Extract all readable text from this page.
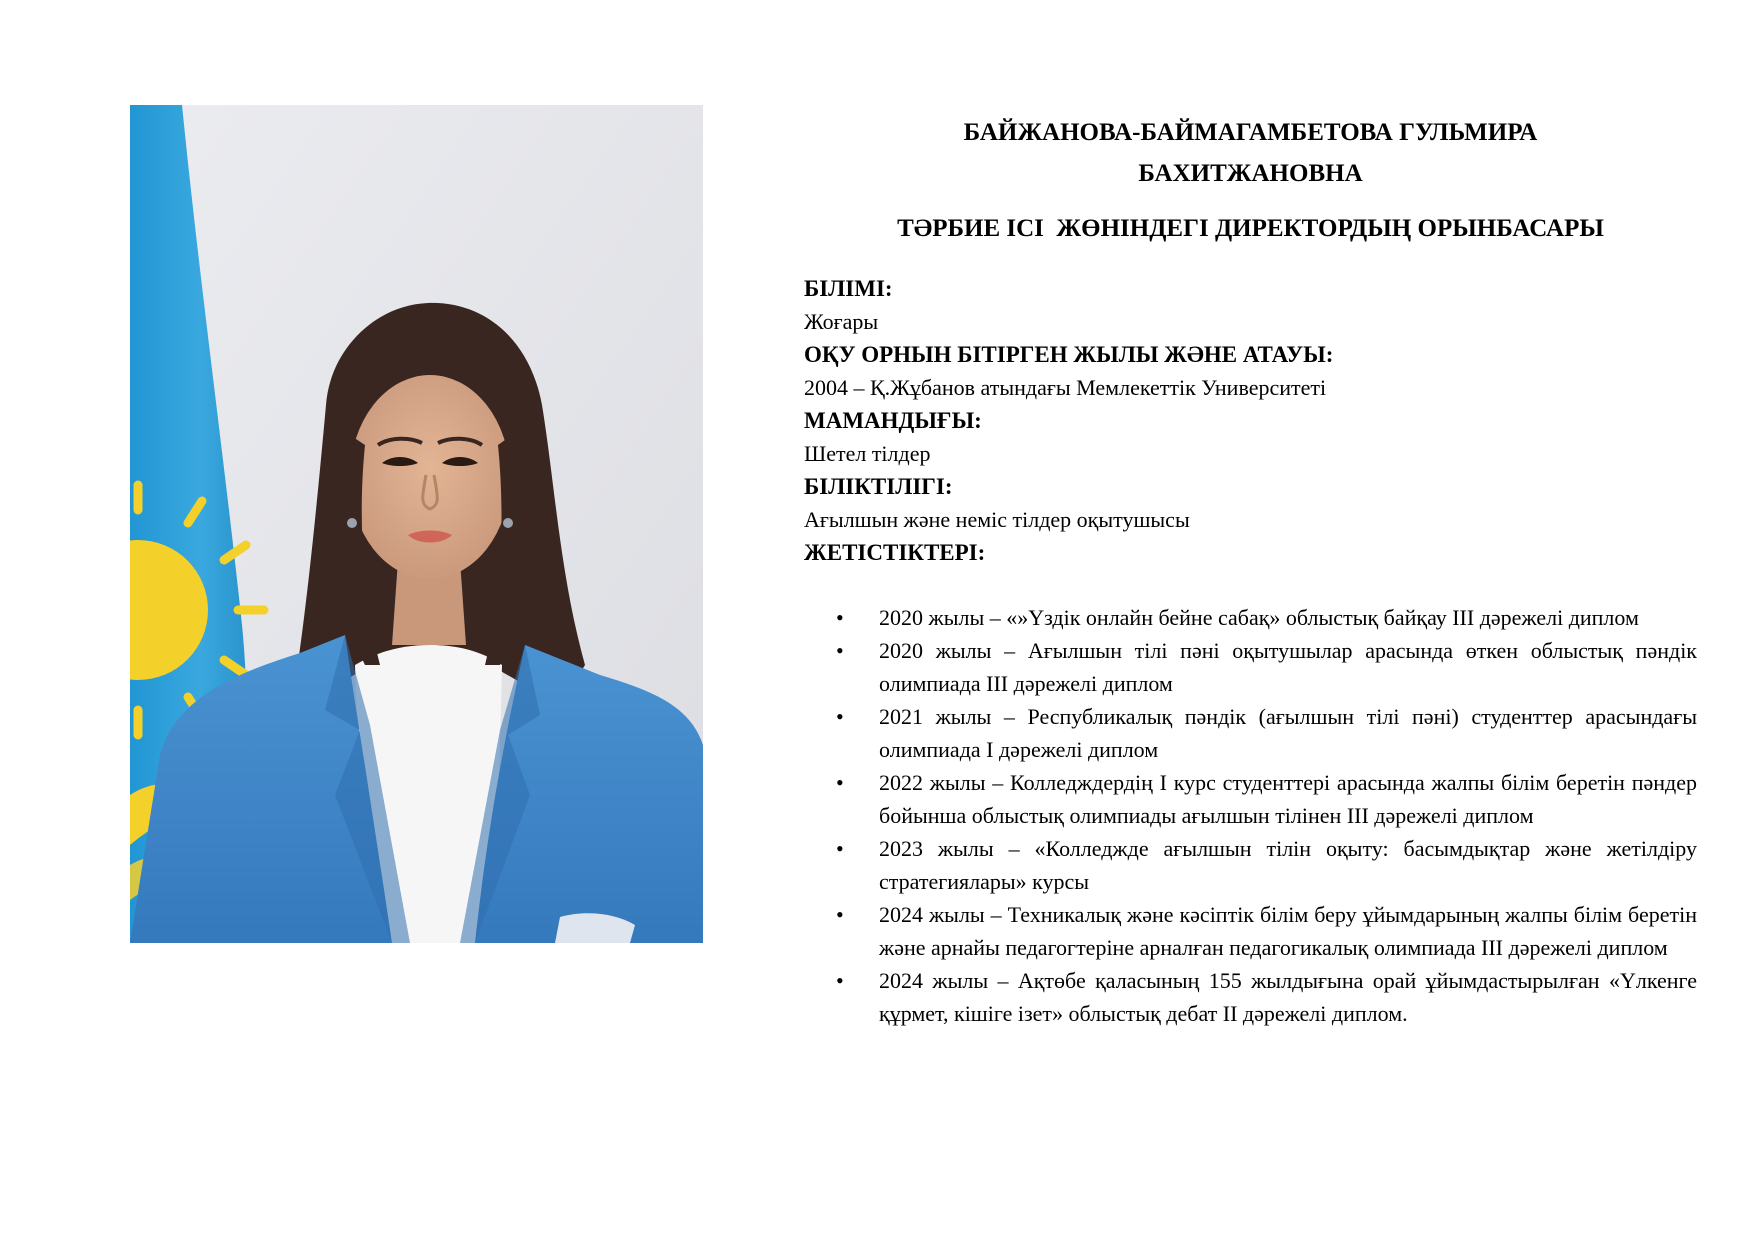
БАЙЖАНОВА-БАЙМАГАМБЕТОВА ГУЛЬМИРА

БАХИТЖАНОВНА

ТӘРБИЕ ІСІ  ЖӨНІНДЕГІ ДИРЕКТОРДЫҢ ОРЫНБАСАРЫ

БІЛІМІ:

Жоғары

ОҚУ ОРНЫН БІТІРГЕН ЖЫЛЫ ЖӘНЕ АТАУЫ:

2004 – Қ.Жұбанов атындағы Мемлекеттік Университеті

МАМАНДЫҒЫ:

Шетел тілдер

БІЛІКТІЛІГІ:

Ағылшын және неміс тілдер оқытушысы

ЖЕТІСТІКТЕРІ:

• 2020 жылы – «»Үздік онлайн бейне сабақ» облыстық байқау ІІІ дәрежелі диплом
• 2020 жылы – Ағылшын тілі пәні оқытушылар арасында өткен облыстық пәндік олимпиада ІІІ дәрежелі диплом
• 2021 жылы – Республикалық пәндік (ағылшын тілі пәні) студенттер арасындағы олимпиада І дәрежелі диплом
• 2022 жылы – Колледждердің І курс студенттері арасында жалпы білім беретін пәндер бойынша облыстық олимпиады ағылшын тілінен ІІІ дәрежелі диплом
• 2023 жылы – «Колледжде ағылшын тілін оқыту: басымдықтар және жетілдіру стратегиялары» курсы
• 2024 жылы – Техникалық және кәсіптік білім беру ұйымдарының жалпы білім беретін және арнайы педагогтеріне арналған педагогикалық олимпиада ІІІ дәрежелі диплом
• 2024 жылы – Ақтөбе қаласының 155 жылдығына орай ұйымдастырылған «Үлкенге құрмет, кішіге ізет» облыстық дебат ІІ дәрежелі диплом.
